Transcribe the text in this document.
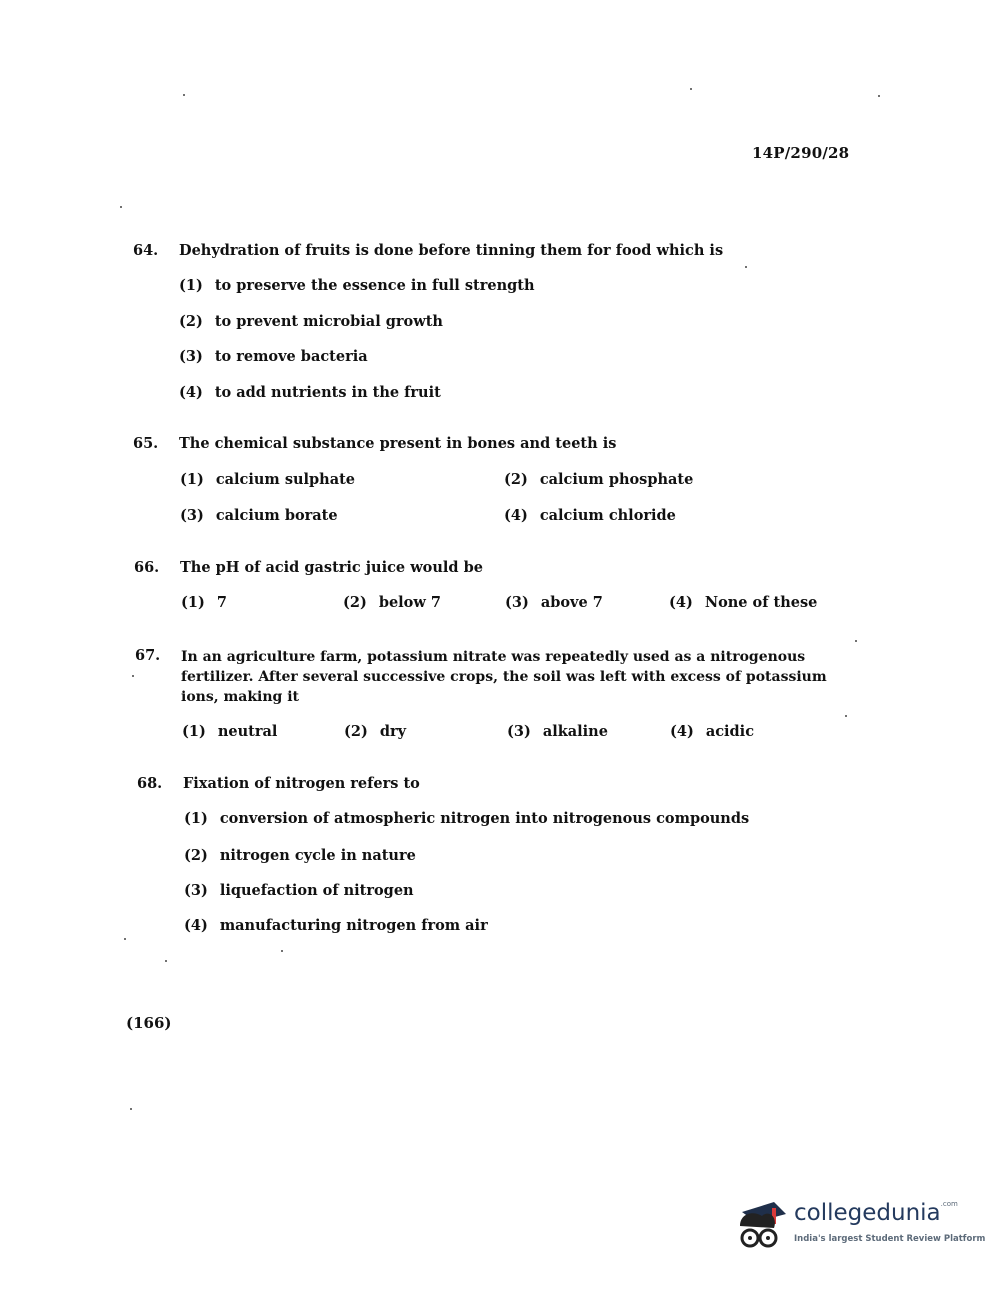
14P/290/28
64. Dehydration of fruits is done before tinning them for food which is
(1) to preserve the essence in full strength
(2) to prevent microbial growth
(3) to remove bacteria
(4) to add nutrients in the fruit
65. The chemical substance present in bones and teeth is
(1) calcium sulphate	(2) calcium phosphate
(3) calcium borate	(4) calcium chloride
66. The pH of acid gastric juice would be
(1) 7	(2) below 7	(3) above 7	(4) None of these
67. In an agriculture farm, potassium nitrate was repeatedly used as a nitrogenous fertilizer. After several successive crops, the soil was left with excess of potassium ions, making it
(1) neutral	(2) dry	(3) alkaline	(4) acidic
68. Fixation of nitrogen refers to
(1) conversion of atmospheric nitrogen into nitrogenous compounds
(2) nitrogen cycle in nature
(3) liquefaction of nitrogen
(4) manufacturing nitrogen from air
(166)
collegedunia$^{.com}$
India's largest Student Review Platform
